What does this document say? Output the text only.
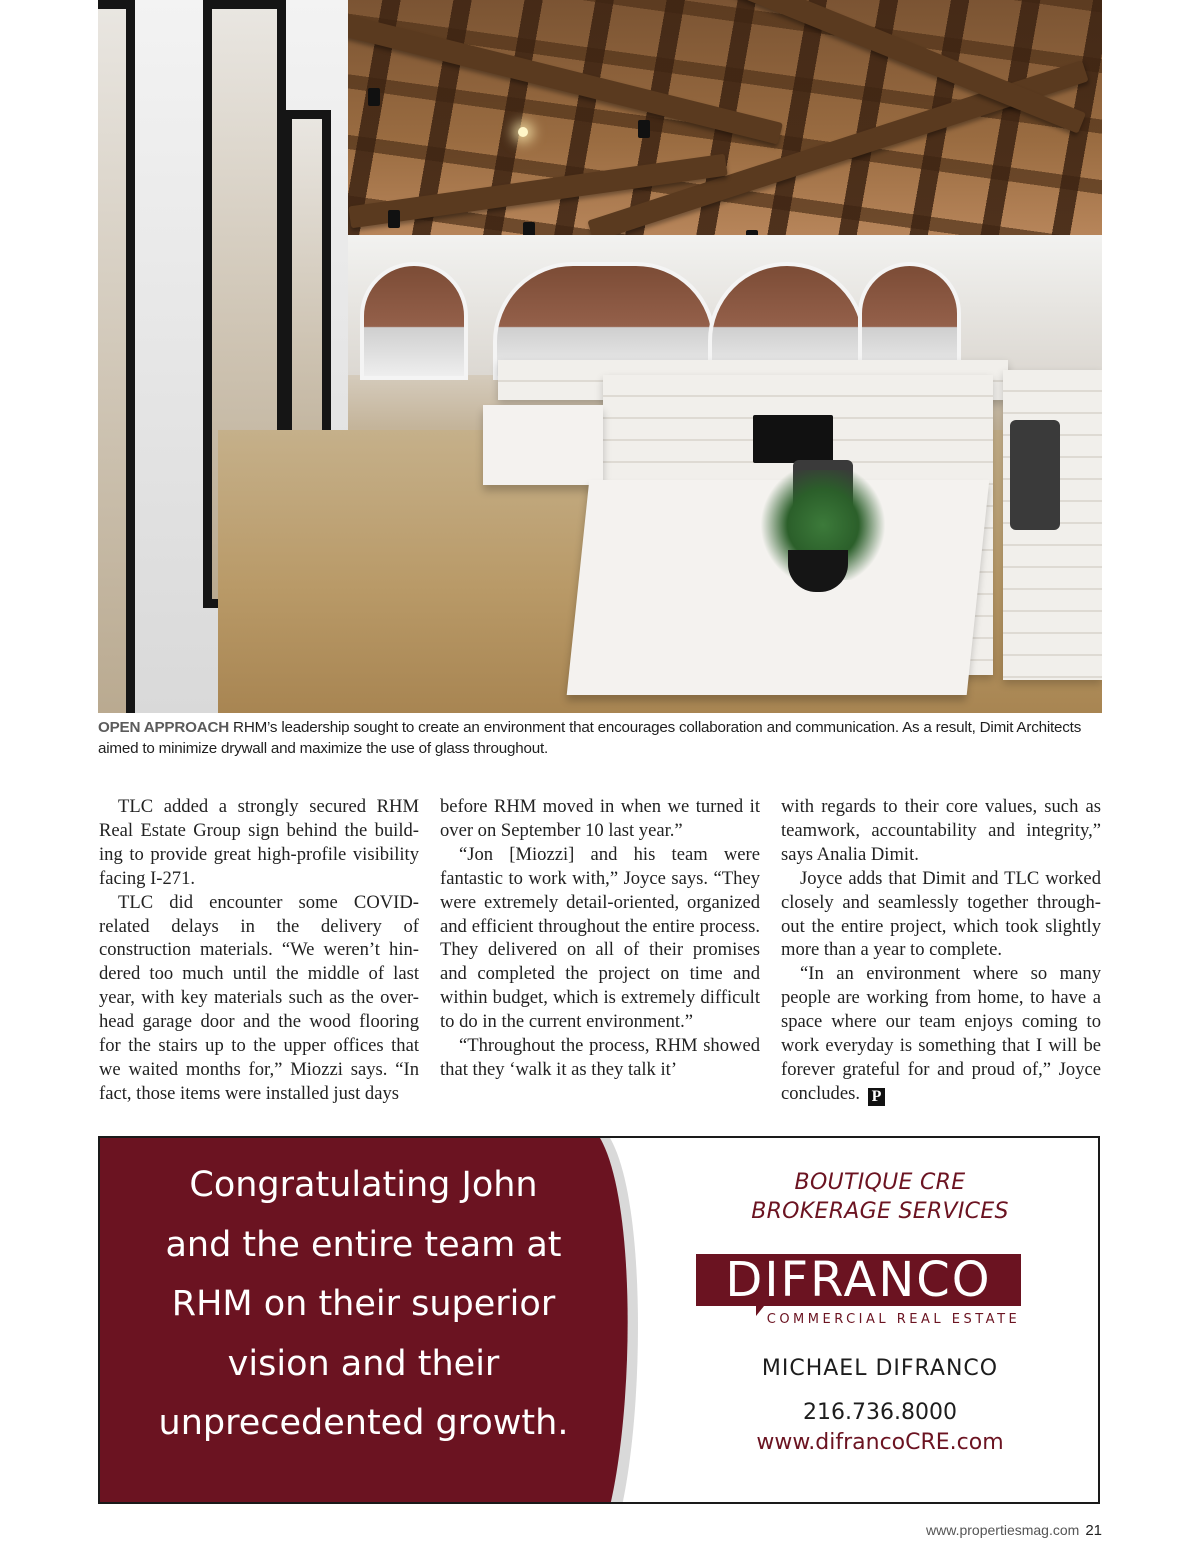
OPEN APPROACH RHM’s leadership sought to create an environment that encourages collaboration and communication. As a result, Dimit Architects aimed to minimize drywall and maximize the use of glass throughout.

TLC added a strongly secured RHM Real Estate Group sign behind the build-ing to provide great high-profile visibility facing I-271.

TLC did encounter some COVID-related delays in the delivery of construction materials. “We weren’t hin-dered too much until the middle of last year, with key materials such as the over-head garage door and the wood flooring for the stairs up to the upper offices that we waited months for,” Miozzi says. “In fact, those items were installed just days

before RHM moved in when we turned it over on September 10 last year.”

“Jon [Miozzi] and his team were fantastic to work with,” Joyce says. “They were extremely detail-oriented, organized and efficient throughout the entire process. They delivered on all of their promises and completed the project on time and within budget, which is extremely difficult to do in the current environment.”

“Throughout the process, RHM showed that they ‘walk it as they talk it’

with regards to their core values, such as teamwork, accountability and integrity,” says Analia Dimit.

Joyce adds that Dimit and TLC worked closely and seamlessly together through-out the entire project, which took slightly more than a year to complete.

“In an environment where so many people are working from home, to have a space where our team enjoys coming to work everyday is something that I will be forever grateful for and proud of,” Joyce concludes. P

Congratulating John
and the entire team at
RHM on their superior
vision and their
unprecedented growth.
BOUTIQUE CRE
BROKERAGE SERVICES
DIFRANCO
COMMERCIAL REAL ESTATE
MICHAEL DIFRANCO
216.736.8000
www.difrancoCRE.com
www.propertiesmag.com 21
